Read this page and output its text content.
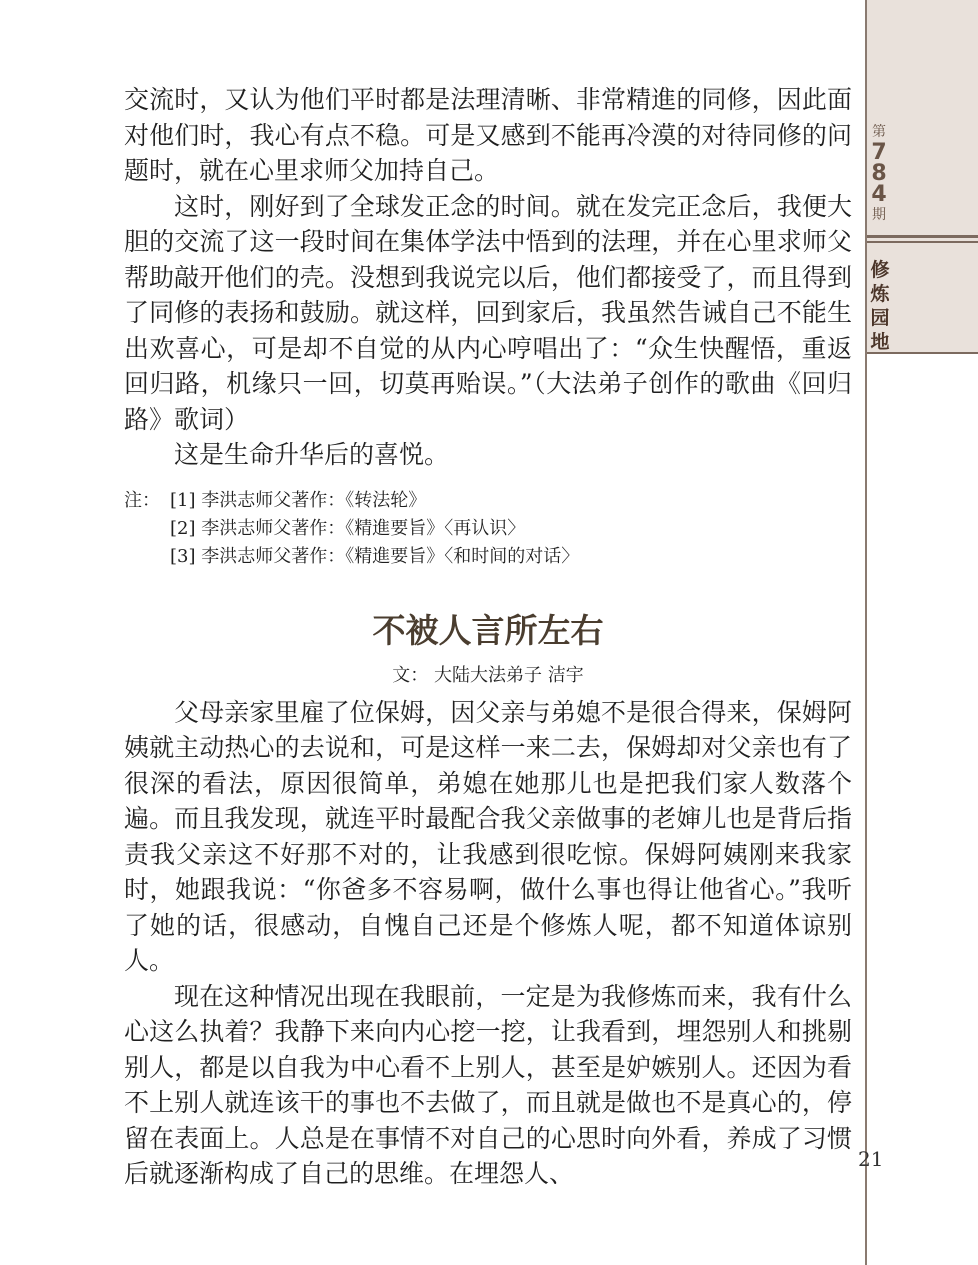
第
7
8
4
期
修
炼
园
地

交流时，又认为他们平时都是法理清晰、非常精進的同修，因此面对他们时，我心有点不稳。可是又感到不能再冷漠的对待同修的问题时，就在心里求师父加持自己。

这时，刚好到了全球发正念的时间。就在发完正念后，我便大胆的交流了这一段时间在集体学法中悟到的法理，并在心里求师父帮助敲开他们的壳。没想到我说完以后，他们都接受了，而且得到了同修的表扬和鼓励。就这样，回到家后，我虽然告诫自己不能生出欢喜心，可是却不自觉的从内心哼唱出了：“众生快醒悟，重返回归路，机缘只一回，切莫再贻误。”（大法弟子创作的歌曲《回归路》歌词）

这是生命升华后的喜悦。

注： [1] 李洪志师父著作：《转法轮》
[2] 李洪志师父著作：《精進要旨》〈再认识〉
[3] 李洪志师父著作：《精進要旨》〈和时间的对话〉
不被人言所左右
文： 大陆大法弟子 洁宇

父母亲家里雇了位保姆，因父亲与弟媳不是很合得来，保姆阿姨就主动热心的去说和，可是这样一来二去，保姆却对父亲也有了很深的看法，原因很简单，弟媳在她那儿也是把我们家人数落个遍。而且我发现，就连平时最配合我父亲做事的老婶儿也是背后指责我父亲这不好那不对的，让我感到很吃惊。保姆阿姨刚来我家时，她跟我说：“你爸多不容易啊，做什么事也得让他省心。”我听了她的话，很感动，自愧自己还是个修炼人呢，都不知道体谅别人。

现在这种情况出现在我眼前，一定是为我修炼而来，我有什么心这么执着？我静下来向内心挖一挖，让我看到，埋怨别人和挑剔别人，都是以自我为中心看不上别人，甚至是妒嫉别人。还因为看不上别人就连该干的事也不去做了，而且就是做也不是真心的，停留在表面上。人总是在事情不对自己的心思时向外看，养成了习惯后就逐渐构成了自己的思维。在埋怨人、	21
